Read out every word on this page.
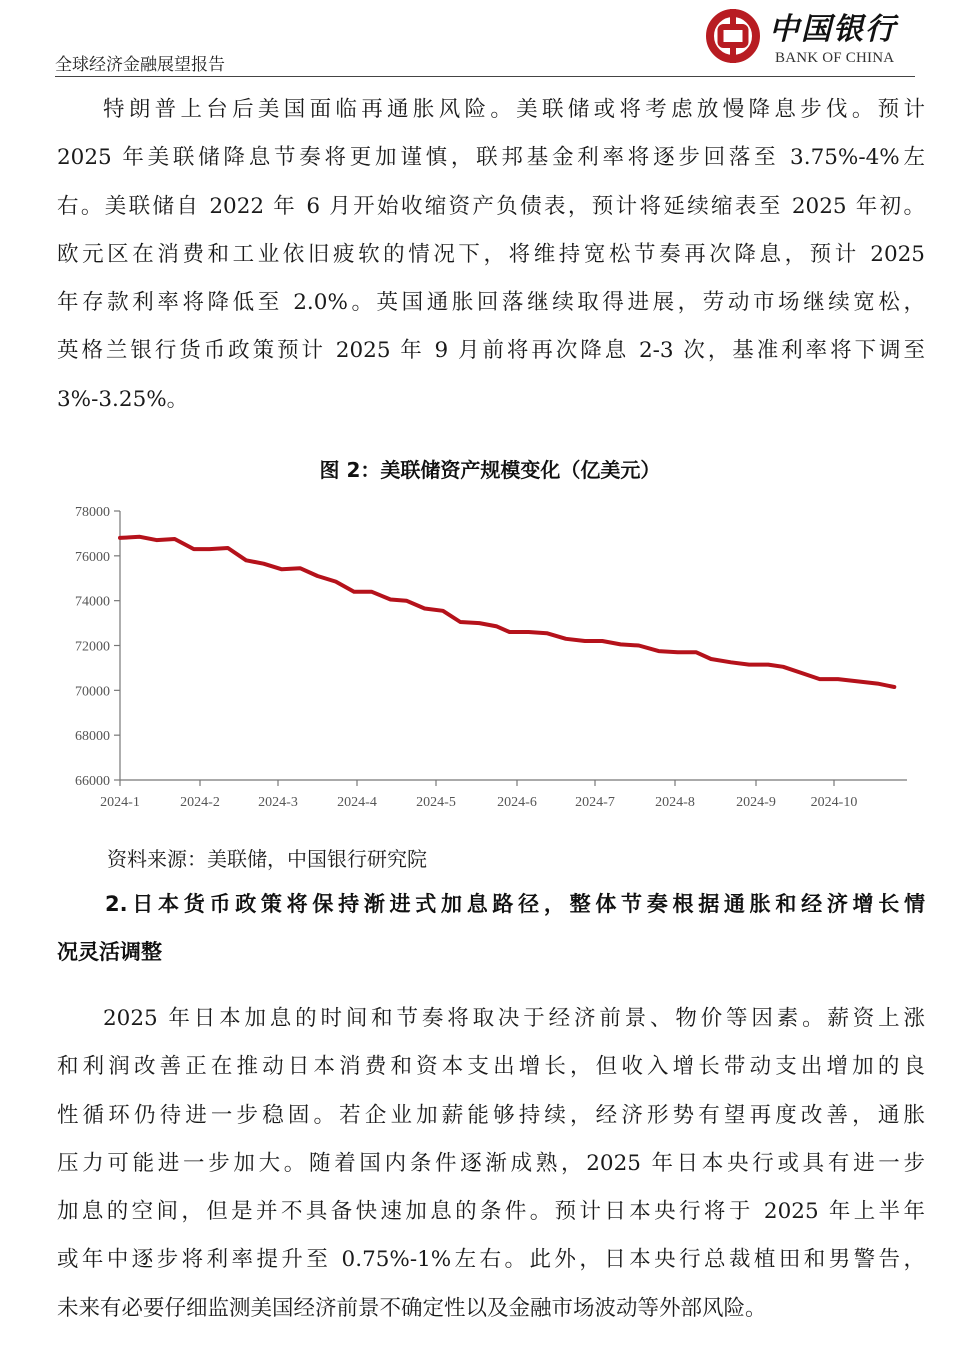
全球经济金融展望报告
中国银行
BANK OF CHINA
特朗普上台后美国面临再通胀风险。美联储或将考虑放慢降息步伐。预计
2025 年美联储降息节奏将更加谨慎，联邦基金利率将逐步回落至 3.75%-4%左
右。美联储自 2022 年 6 月开始收缩资产负债表，预计将延续缩表至 2025 年初。
欧元区在消费和工业依旧疲软的情况下，将维持宽松节奏再次降息，预计 2025
年存款利率将降低至 2.0%。英国通胀回落继续取得进展，劳动市场继续宽松，
英格兰银行货币政策预计 2025 年 9 月前将再次降息 2-3 次，基准利率将下调至
3%-3.25%。
图 2：美联储资产规模变化（亿美元）
66000
68000
70000
72000
74000
76000
78000
2024-1	2024-2	2024-3	2024-4	2024-5	2024-6	2024-7	2024-8	2024-9 2024-10
资料来源：美联储，中国银行研究院
2.日本货币政策将保持渐进式加息路径，整体节奏根据通胀和经济增长情
况灵活调整
2025 年日本加息的时间和节奏将取决于经济前景、物价等因素。薪资上涨
和利润改善正在推动日本消费和资本支出增长，但收入增长带动支出增加的良
性循环仍待进一步稳固。若企业加薪能够持续，经济形势有望再度改善，通胀
压力可能进一步加大。随着国内条件逐渐成熟，2025 年日本央行或具有进一步
加息的空间，但是并不具备快速加息的条件。预计日本央行将于 2025 年上半年
或年中逐步将利率提升至 0.75%-1%左右。此外，日本央行总裁植田和男警告，
未来有必要仔细监测美国经济前景不确定性以及金融市场波动等外部风险。
